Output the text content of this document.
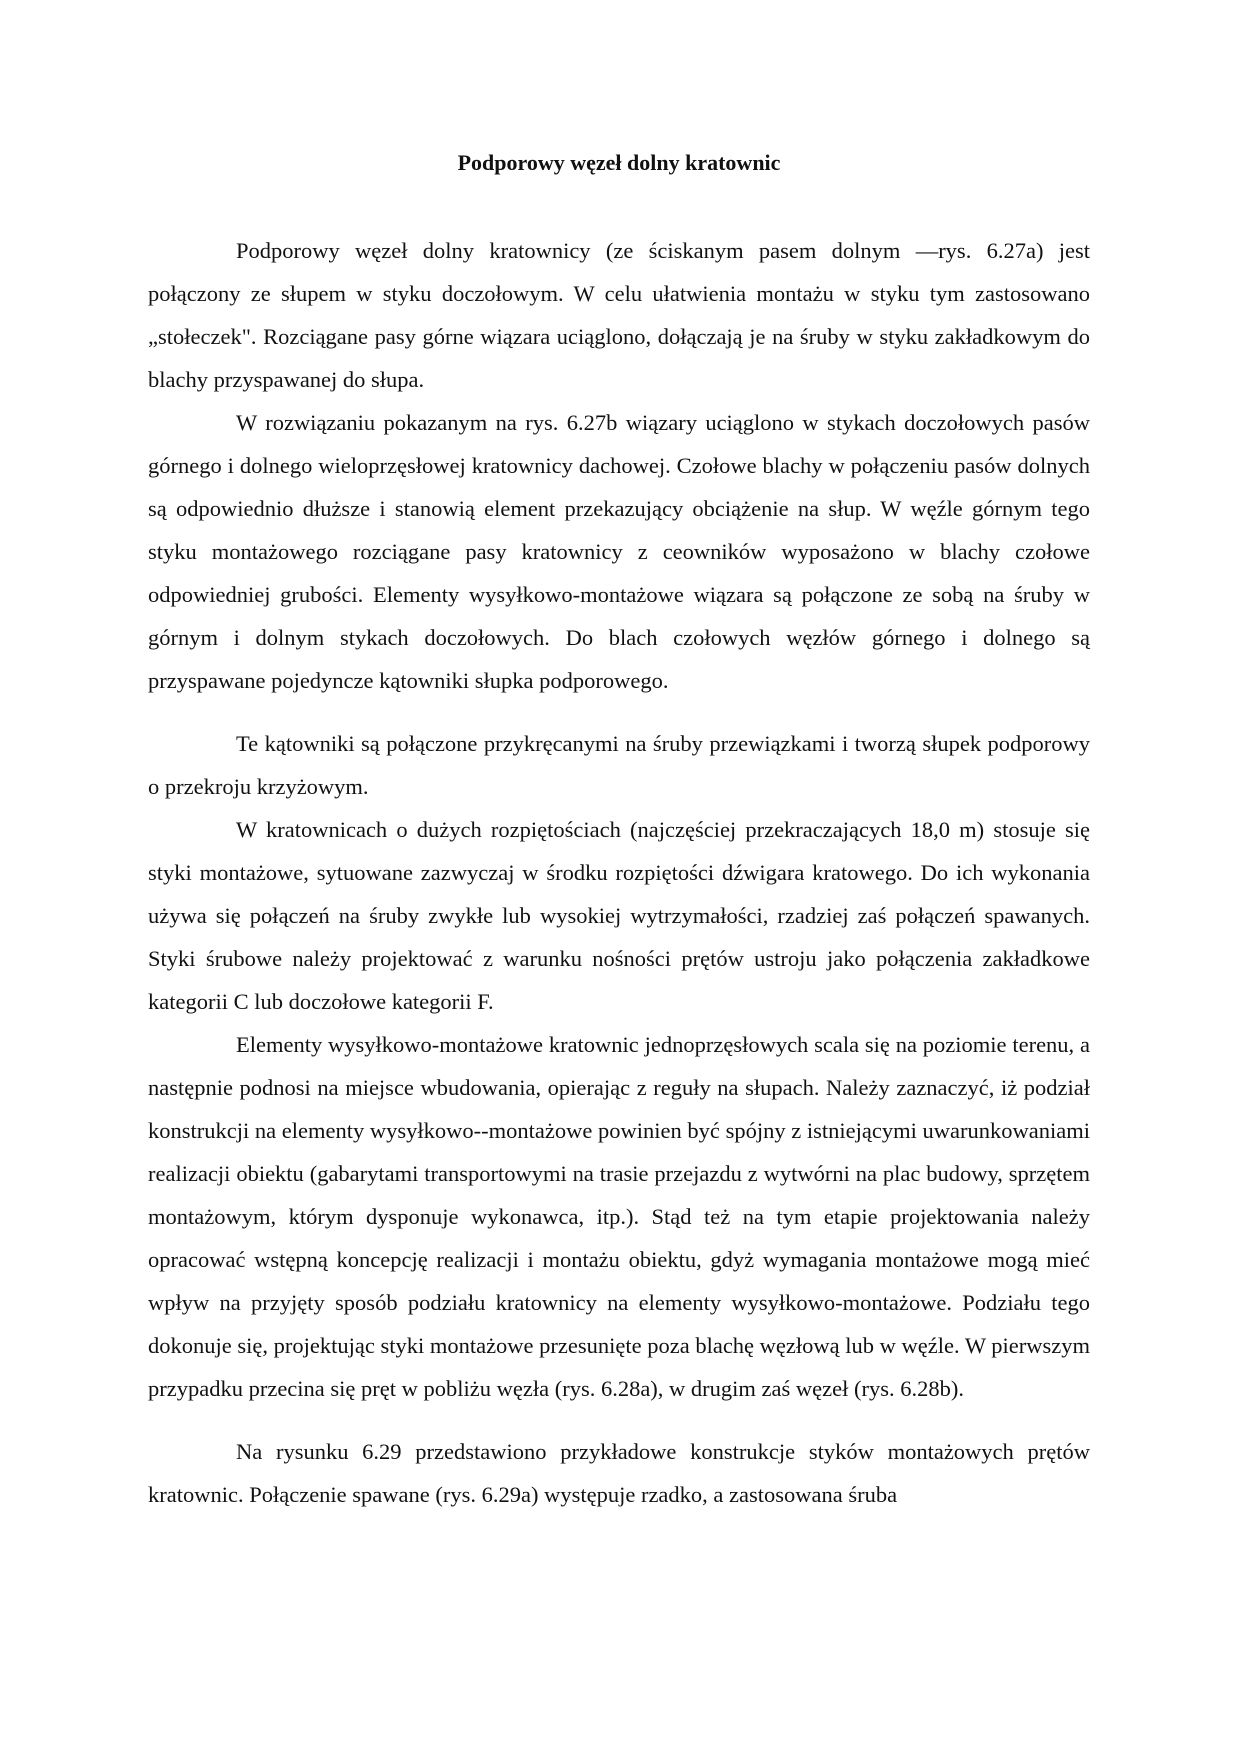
Podporowy węzeł dolny kratownic

Podporowy węzeł dolny kratownicy (ze ściskanym pasem dolnym —rys. 6.27a) jest połączony ze słupem w styku doczołowym. W celu ułatwienia montażu w styku tym zastosowano „stołeczek". Rozciągane pasy górne wiązara uciąglono, dołączają je na śruby w styku zakładkowym do blachy przyspawanej do słupa.

W rozwiązaniu pokazanym na rys. 6.27b wiązary uciąglono w stykach doczołowych pasów górnego i dolnego wieloprzęsłowej kratownicy dachowej. Czołowe blachy w połączeniu pasów dolnych są odpowiednio dłuższe i stanowią element przekazujący obciążenie na słup. W węźle górnym tego styku montażowego rozciągane pasy kratownicy z ceowników wyposażono w blachy czołowe odpowiedniej grubości. Elementy wysyłkowo-montażowe wiązara są połączone ze sobą na śruby w górnym i dolnym stykach doczołowych. Do blach czołowych węzłów górnego i dolnego są przyspawane pojedyncze kątowniki słupka podporowego.

Te kątowniki są połączone przykręcanymi na śruby przewiązkami i tworzą słupek podporowy o przekroju krzyżowym.

W kratownicach o dużych rozpiętościach (najczęściej przekraczających 18,0 m) stosuje się styki montażowe, sytuowane zazwyczaj w środku rozpiętości dźwigara kratowego. Do ich wykonania używa się połączeń na śruby zwykłe lub wysokiej wytrzymałości, rzadziej zaś połączeń spawanych. Styki śrubowe należy projektować z warunku nośności prętów ustroju jako połączenia zakładkowe kategorii C lub doczołowe kategorii F.

Elementy wysyłkowo-montażowe kratownic jednoprzęsłowych scala się na poziomie terenu, a następnie podnosi na miejsce wbudowania, opierając z reguły na słupach. Należy zaznaczyć, iż podział konstrukcji na elementy wysyłkowo--montażowe powinien być spójny z istniejącymi uwarunkowaniami realizacji obiektu (gabarytami transportowymi na trasie przejazdu z wytwórni na plac budowy, sprzętem montażowym, którym dysponuje wykonawca, itp.). Stąd też na tym etapie projektowania należy opracować wstępną koncepcję realizacji i montażu obiektu, gdyż wymagania montażowe mogą mieć wpływ na przyjęty sposób podziału kratownicy na elementy wysyłkowo-montażowe. Podziału tego dokonuje się, projektując styki montażowe przesunięte poza blachę węzłową lub w węźle. W pierwszym przypadku przecina się pręt w pobliżu węzła (rys. 6.28a), w drugim zaś węzeł (rys. 6.28b).

Na rysunku 6.29 przedstawiono przykładowe konstrukcje styków montażowych prętów kratownic. Połączenie spawane (rys. 6.29a) występuje rzadko, a zastosowana śruba
